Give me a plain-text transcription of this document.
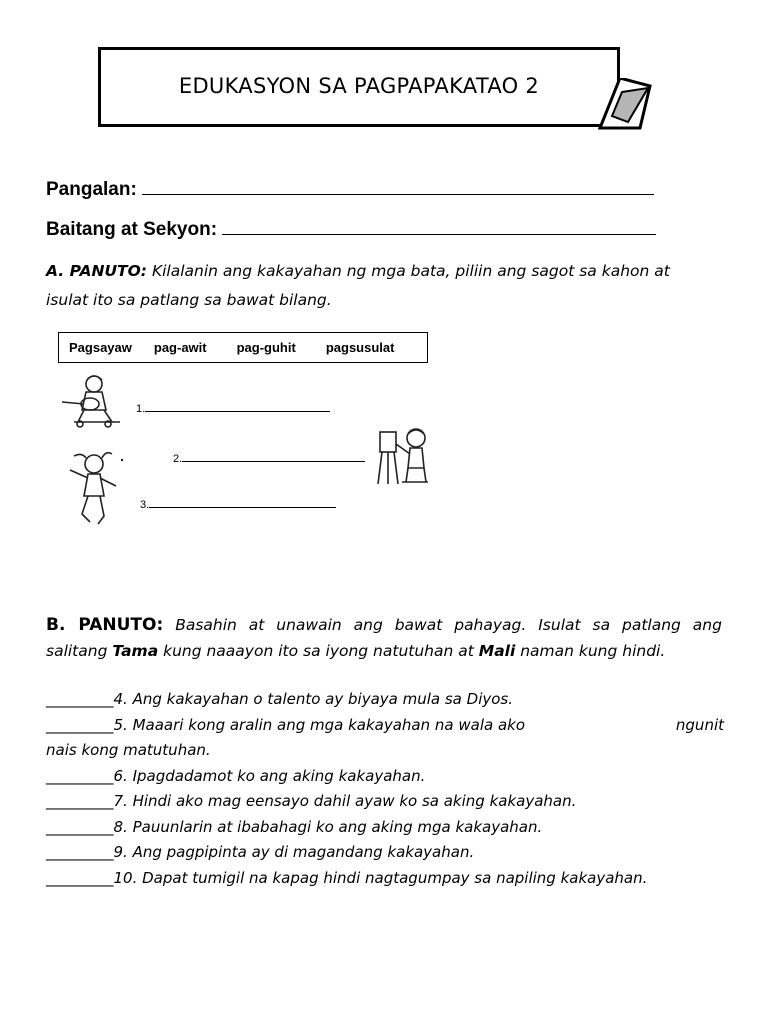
EDUKASYON SA PAGPAPAKATAO 2
Pangalan:
Baitang at Sekyon:
A. PANUTO: Kilalanin ang kakayahan ng mga bata, piliin ang sagot sa kahon at
isulat ito sa patlang sa bawat bilang.
Pagsayaw pag-awit pag-guhit pagsusulat
1.
2.
3.
B. PANUTO: Basahin at unawain ang bawat pahayag. Isulat sa patlang ang
salitang Tama kung naaayon ito sa iyong natutuhan at Mali naman kung hindi.
_________4. Ang kakayahan o talento ay biyaya mula sa Diyos.
_________5. Maaari kong aralin ang mga kakayahan na wala ako	ngunit
nais kong matutuhan.
_________6. Ipagdadamot ko ang aking kakayahan.
_________7. Hindi ako mag eensayo dahil ayaw ko sa aking kakayahan.
_________8. Pauunlarin at ibabahagi ko ang aking mga kakayahan.
_________9. Ang pagpipinta ay di magandang kakayahan.
_________10. Dapat tumigil na kapag hindi nagtagumpay sa napiling kakayahan.
